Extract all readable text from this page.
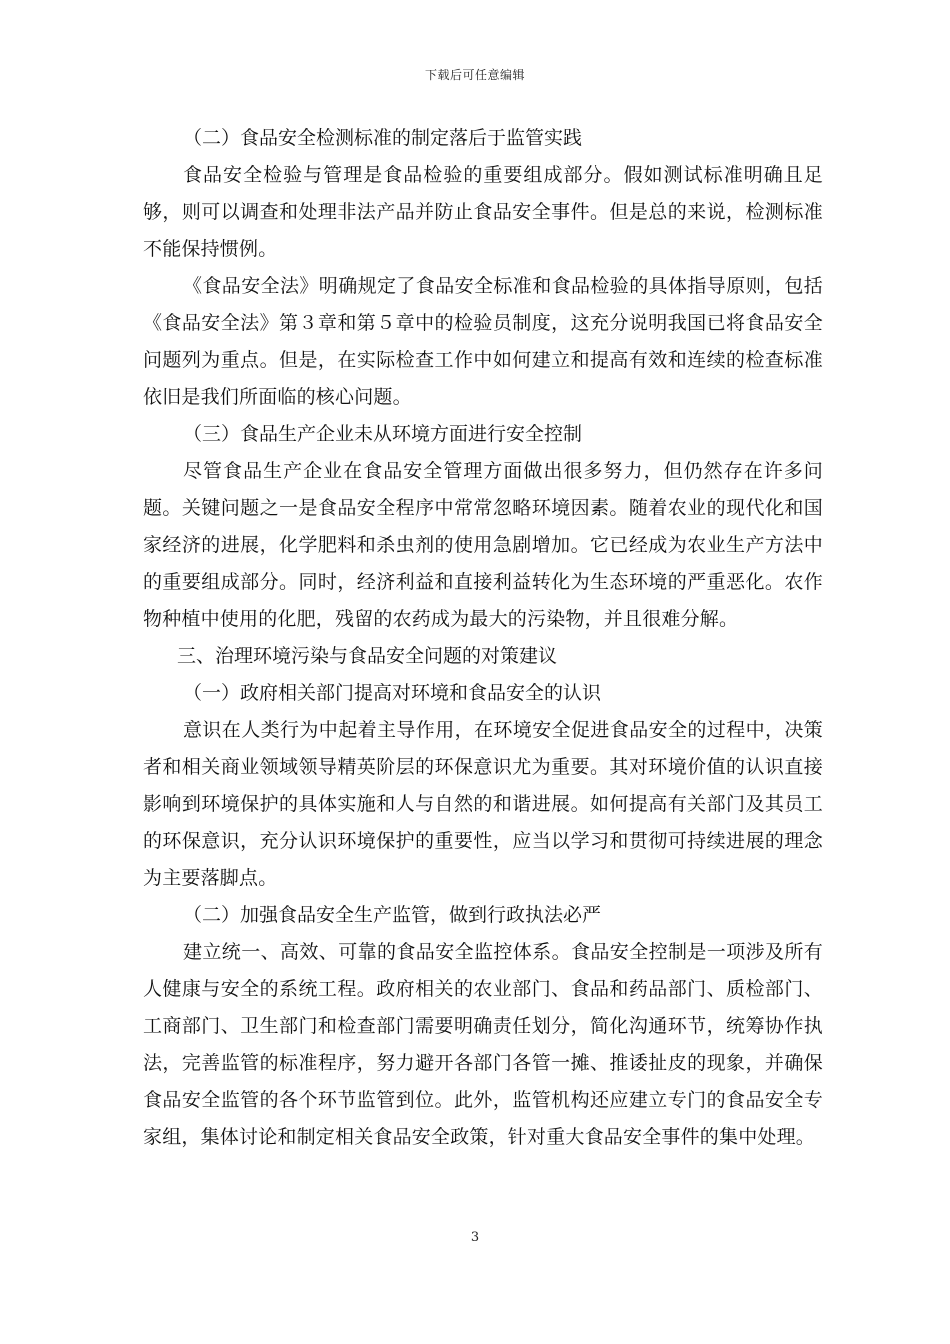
下载后可任意编辑

（二）食品安全检测标准的制定落后于监管实践

食品安全检验与管理是食品检验的重要组成部分。假如测试标准明确且足够，则可以调查和处理非法产品并防止食品安全事件。但是总的来说，检测标准不能保持惯例。

《食品安全法》明确规定了食品安全标准和食品检验的具体指导原则，包括《食品安全法》第３章和第５章中的检验员制度，这充分说明我国已将食品安全问题列为重点。但是，在实际检查工作中如何建立和提高有效和连续的检查标准依旧是我们所面临的核心问题。

（三）食品生产企业未从环境方面进行安全控制

尽管食品生产企业在食品安全管理方面做出很多努力，但仍然存在许多问题。关键问题之一是食品安全程序中常常忽略环境因素。随着农业的现代化和国家经济的进展，化学肥料和杀虫剂的使用急剧增加。它已经成为农业生产方法中的重要组成部分。同时，经济利益和直接利益转化为生态环境的严重恶化。农作物种植中使用的化肥，残留的农药成为最大的污染物，并且很难分解。

三、治理环境污染与食品安全问题的对策建议

（一）政府相关部门提高对环境和食品安全的认识

意识在人类行为中起着主导作用，在环境安全促进食品安全的过程中，决策者和相关商业领域领导精英阶层的环保意识尤为重要。其对环境价值的认识直接影响到环境保护的具体实施和人与自然的和谐进展。如何提高有关部门及其员工的环保意识，充分认识环境保护的重要性，应当以学习和贯彻可持续进展的理念为主要落脚点。

（二）加强食品安全生产监管，做到行政执法必严

建立统一、高效、可靠的食品安全监控体系。食品安全控制是一项涉及所有人健康与安全的系统工程。政府相关的农业部门、食品和药品部门、质检部门、工商部门、卫生部门和检查部门需要明确责任划分，简化沟通环节，统筹协作执法，完善监管的标准程序，努力避开各部门各管一摊、推诿扯皮的现象，并确保食品安全监管的各个环节监管到位。此外，监管机构还应建立专门的食品安全专家组，集体讨论和制定相关食品安全政策，针对重大食品安全事件的集中处理。

3
